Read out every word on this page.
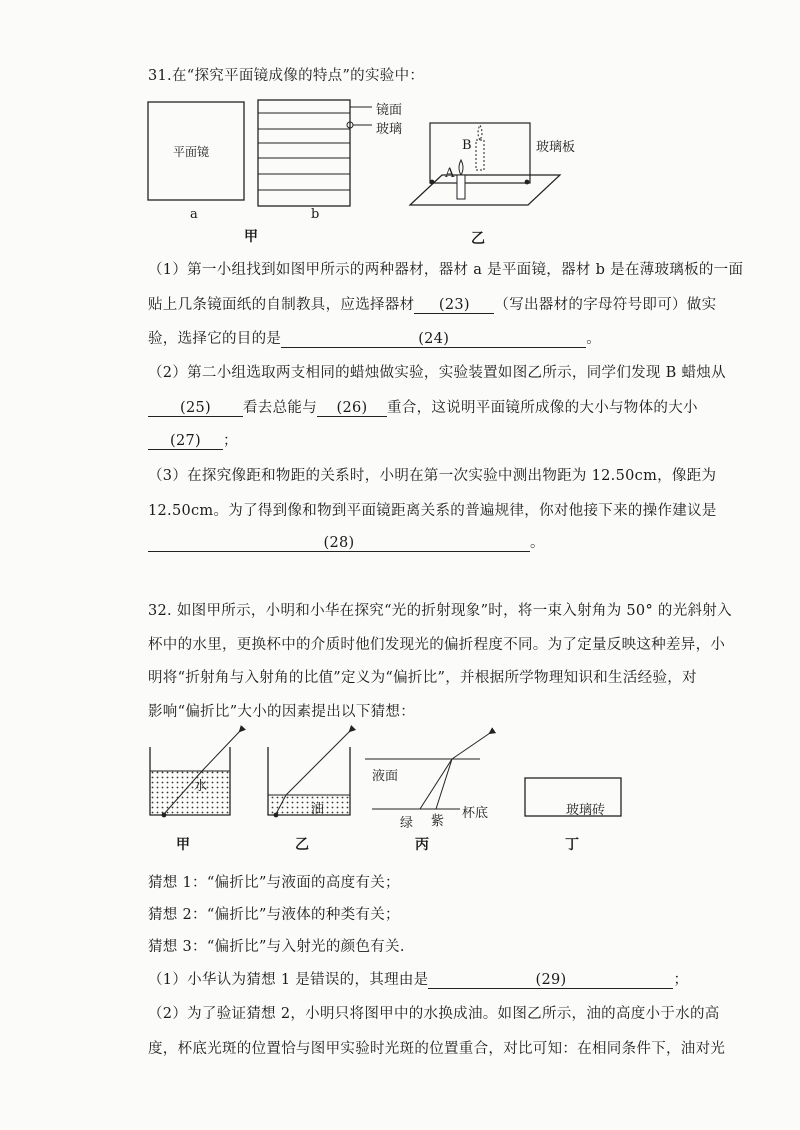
31.在“探究平面镜成像的特点”的实验中：
平面镜
a	b
镜面
玻璃
玻璃板
B
A
甲	乙
（1）第一小组找到如图甲所示的两种器材，器材 a 是平面镜，器材 b 是在薄玻璃板的一面
贴上几条镜面纸的自制教具，应选择器材 (23) （写出器材的字母符号即可）做实
验，选择它的目的是	(24)	。
（2）第二小组选取两支相同的蜡烛做实验，实验装置如图乙所示，同学们发现 B 蜡烛从
(25) 看去总能与 (26) 重合，这说明平面镜所成像的大小与物体的大小
(27) ；
（3）在探究像距和物距的关系时，小明在第一次实验中测出物距为 12.50cm，像距为
12.50cm。为了得到像和物到平面镜距离关系的普遍规律，你对他接下来的操作建议是
(28)	。
32. 如图甲所示，小明和小华在探究“光的折射现象”时，将一束入射角为 50° 的光斜射入
杯中的水里，更换杯中的介质时他们发现光的偏折程度不同。为了定量反映这种差异，小
明将“折射角与入射角的比值”定义为“偏折比”，并根据所学物理知识和生活经验，对
影响“偏折比”大小的因素提出以下猜想：
水
油
液面
杯底
绿 紫
玻璃砖
甲	乙	丙	丁
猜想 1：“偏折比”与液面的高度有关；
猜想 2：“偏折比”与液体的种类有关；
猜想 3：“偏折比”与入射光的颜色有关.
（1）小华认为猜想 1 是错误的，其理由是	(29)	；
（2）为了验证猜想 2，小明只将图甲中的水换成油。如图乙所示，油的高度小于水的高
度，杯底光斑的位置恰与图甲实验时光斑的位置重合，对比可知：在相同条件下，油对光
